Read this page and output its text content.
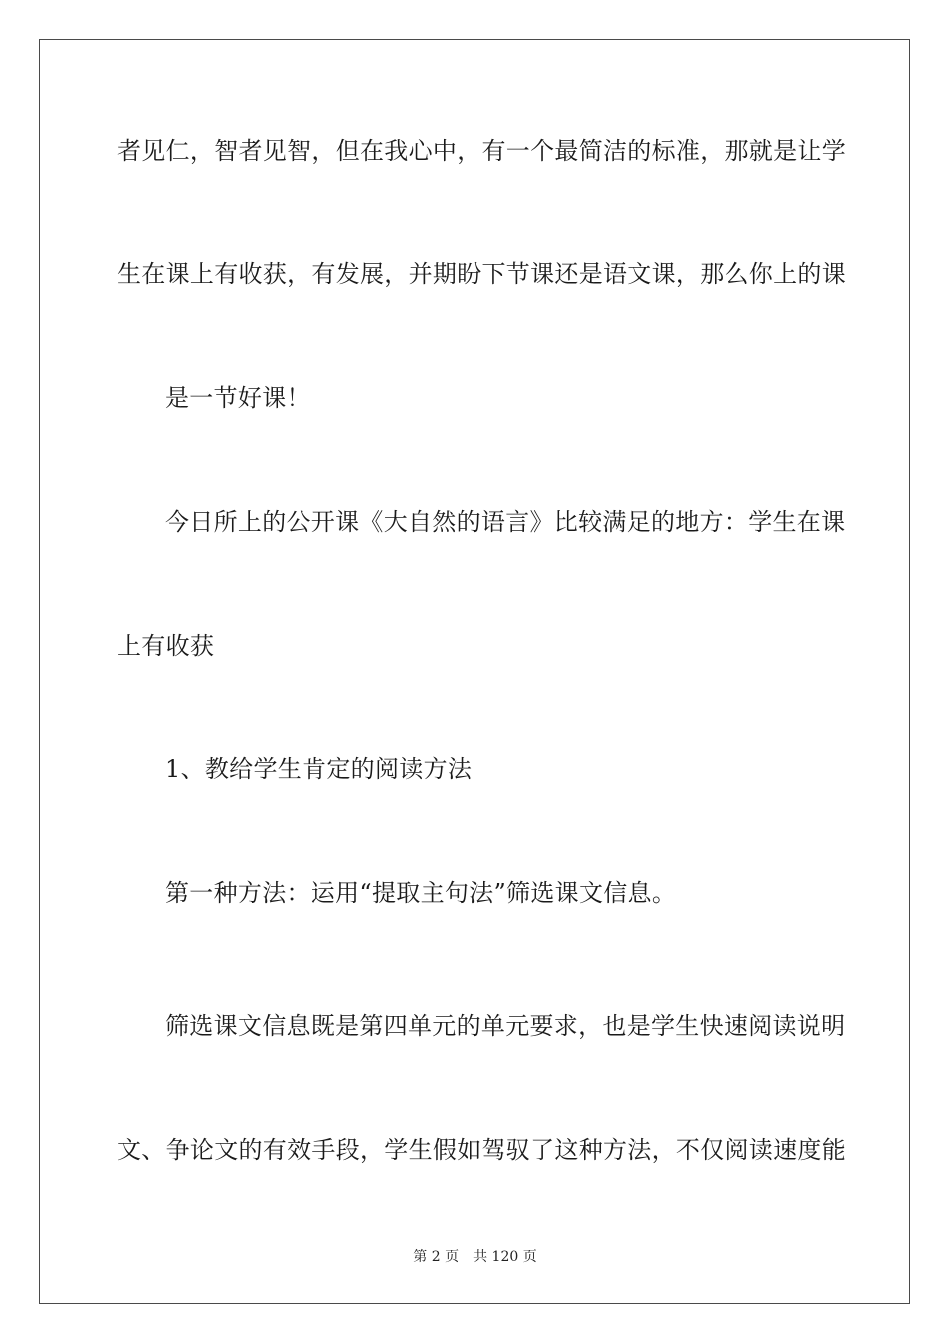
者见仁，智者见智，但在我心中，有一个最简洁的标准，那就是让学
生在课上有收获，有发展，并期盼下节课还是语文课，那么你上的课
是一节好课！
今日所上的公开课《大自然的语言》比较满足的地方：学生在课
上有收获
1、教给学生肯定的阅读方法
第一种方法：运用“提取主句法”筛选课文信息。
筛选课文信息既是第四单元的单元要求，也是学生快速阅读说明
文、争论文的有效手段，学生假如驾驭了这种方法，不仅阅读速度能
第 2 页 共 120 页
